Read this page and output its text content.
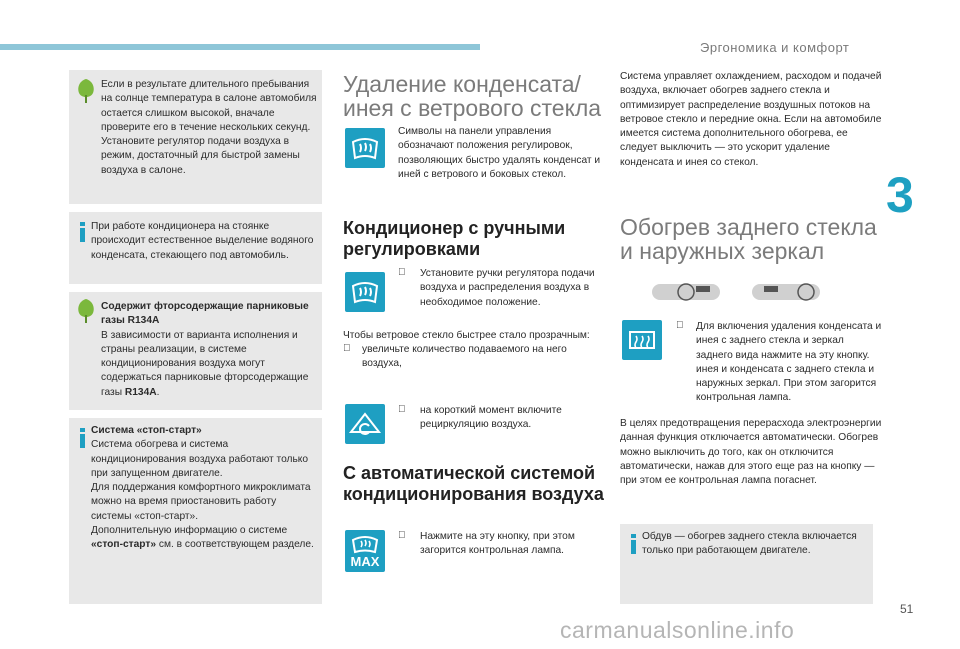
Эргономика и комфорт
3
51

Если в результате длительного пребывания на солнце температура в салоне автомобиля остается слишком высокой, вначале проверите его в течение нескольких секунд. Установите регулятор подачи воздуха в режим, достаточный для быстрой замены воздуха в салоне.

При работе кондиционера на стоянке происходит естественное выделение водяного конденсата, стекающего под автомобиль.

Содержит фторсодержащие парниковые газы R134A

В зависимости от варианта исполнения и страны реализации, в системе кондиционирования воздуха могут содержаться парниковые фторсодержащие газы R134A.

Система «стоп-старт»

Система обогрева и система кондиционирования воздуха работают только при запущенном двигателе.

Для поддержания комфортного микроклимата можно на время приостановить работу системы «стоп-старт».

Дополнительную информацию о системе

«стоп-старт» см. в соответствующем разделе.

Удаление конденсата/инея с ветрового стекла

Символы на панели управления обозначают положения регулировок, позволяющих быстро удалять конденсат и иней с ветрового и боковых стекол.

Кондиционер с ручными регулировками

Установите ручки регулятора подачи воздуха и распределения воздуха в необходимое положение.

Чтобы ветровое стекло быстрее стало прозрачным:

увеличьте количество подаваемого на него воздуха,

на короткий момент включите рециркуляцию воздуха.

С автоматической системой кондиционирования воздуха
MAX

Нажмите на эту кнопку, при этом загорится контрольная лампа.

Система управляет охлаждением, расходом и подачей воздуха, включает обогрев заднего стекла и оптимизирует распределение воздушных потоков на ветровое стекло и передние окна. Если на автомобиле имеется система дополнительного обогрева, ее следует выключить — это ускорит удаление конденсата и инея со стекол.

Обогрев заднего стекла и наружных зеркал

Для включения удаления конденсата и инея с заднего стекла и зеркал заднего вида нажмите на эту кнопку. инея и конденсата с заднего стекла и наружных зеркал. При этом загорится контрольная лампа.

В целях предотвращения перерасхода электроэнергии данная функция отключается автоматически. Обогрев можно выключить до того, как он отключится автоматически, нажав для этого еще раз на кнопку — при этом ее контрольная лампа погаснет.

Обдув — обогрев заднего стекла включается только при работающем двигателе.

carmanualsonline.info
